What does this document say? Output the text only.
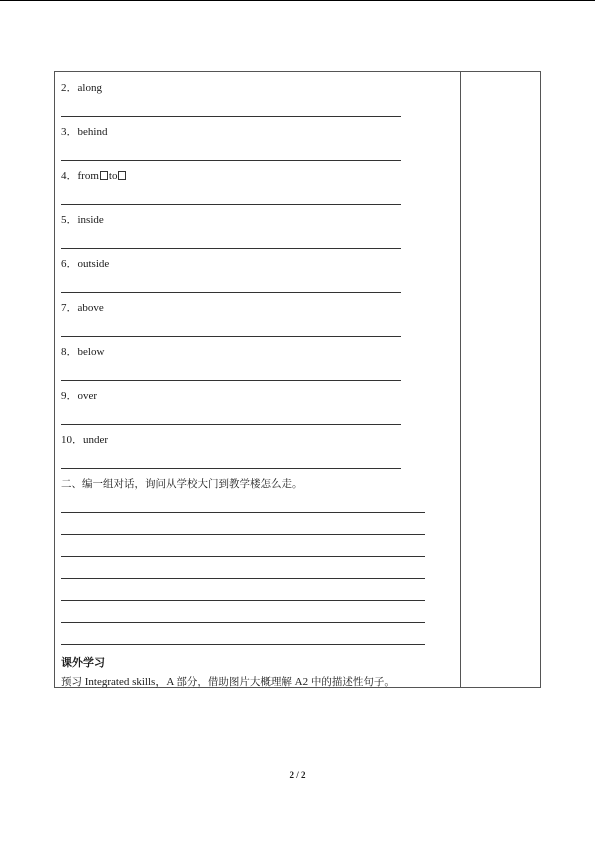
2．along
3．behind
4．from to
5．inside
6．outside
7．above
8．below
9．over
10．under
二、编一组对话，询问从学校大门到教学楼怎么走。
课外学习
预习 Integrated skills，A 部分，借助图片大概理解 A2 中的描述性句子。
2 / 2
